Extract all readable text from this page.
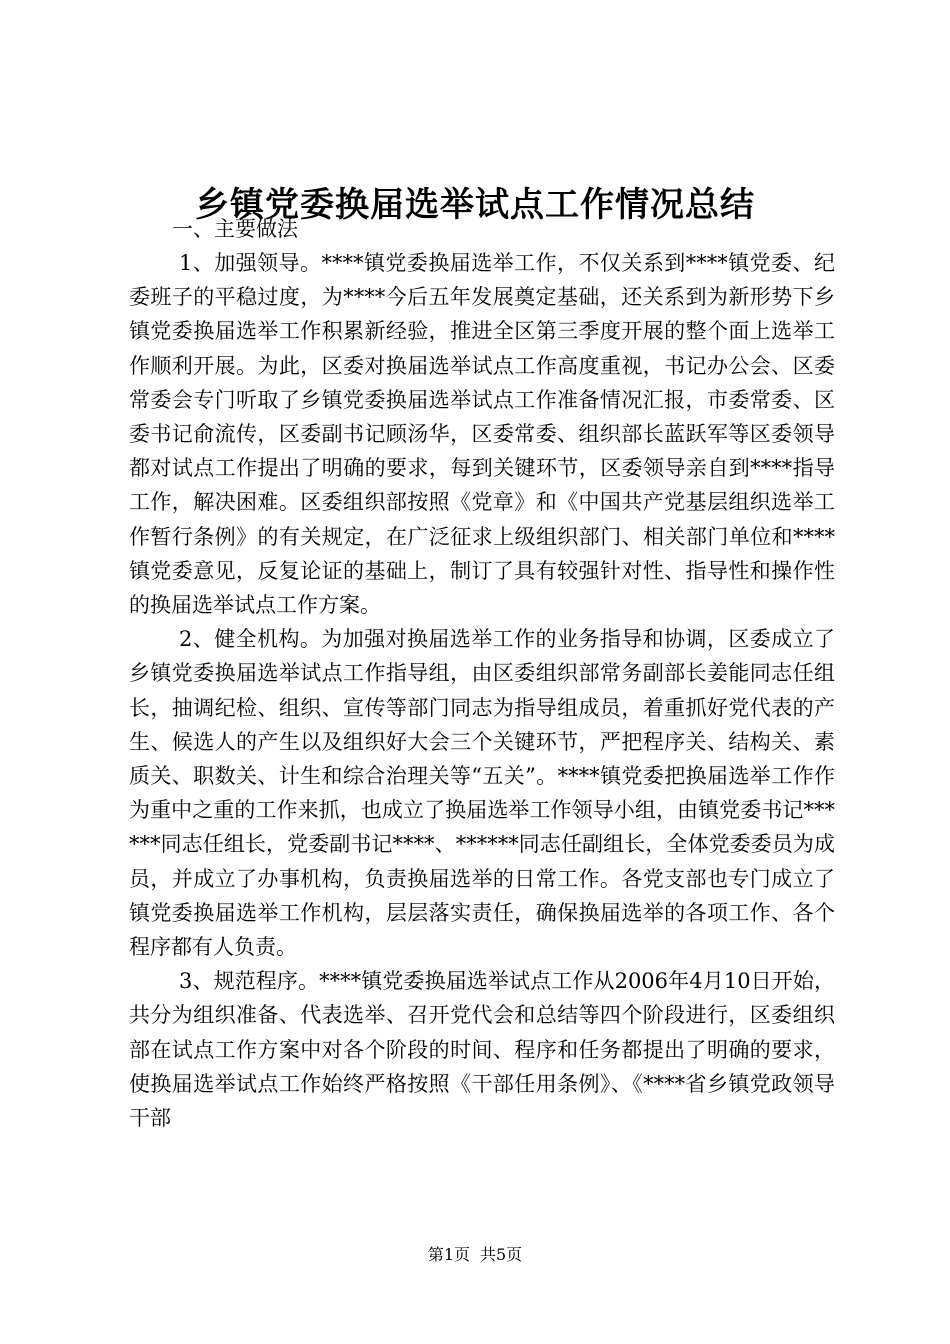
乡镇党委换届选举试点工作情况总结
一、主要做法

1、加强领导。****镇党委换届选举工作，不仅关系到****镇党委、纪委班子的平稳过度，为****今后五年发展奠定基础，还关系到为新形势下乡镇党委换届选举工作积累新经验，推进全区第三季度开展的整个面上选举工作顺利开展。为此，区委对换届选举试点工作高度重视，书记办公会、区委常委会专门听取了乡镇党委换届选举试点工作准备情况汇报，市委常委、区委书记俞流传，区委副书记顾汤华，区委常委、组织部长蓝跃军等区委领导都对试点工作提出了明确的要求，每到关键环节，区委领导亲自到****指导工作，解决困难。区委组织部按照《党章》和《中国共产党基层组织选举工作暂行条例》的有关规定，在广泛征求上级组织部门、相关部门单位和****镇党委意见，反复论证的基础上，制订了具有较强针对性、指导性和操作性的换届选举试点工作方案。

2、健全机构。为加强对换届选举工作的业务指导和协调，区委成立了乡镇党委换届选举试点工作指导组，由区委组织部常务副部长姜能同志任组长，抽调纪检、组织、宣传等部门同志为指导组成员，着重抓好党代表的产生、候选人的产生以及组织好大会三个关键环节，严把程序关、结构关、素质关、职数关、计生和综合治理关等“五关”。****镇党委把换届选举工作作为重中之重的工作来抓，也成立了换届选举工作领导小组，由镇党委书记******同志任组长，党委副书记****、******同志任副组长，全体党委委员为成员，并成立了办事机构，负责换届选举的日常工作。各党支部也专门成立了镇党委换届选举工作机构，层层落实责任，确保换届选举的各项工作、各个程序都有人负责。

3、规范程序。****镇党委换届选举试点工作从2006年4月10日开始，共分为组织准备、代表选举、召开党代会和总结等四个阶段进行，区委组织部在试点工作方案中对各个阶段的时间、程序和任务都提出了明确的要求，使换届选举试点工作始终严格按照《干部任用条例》、《****省乡镇党政领导干部

第1页 共5页
